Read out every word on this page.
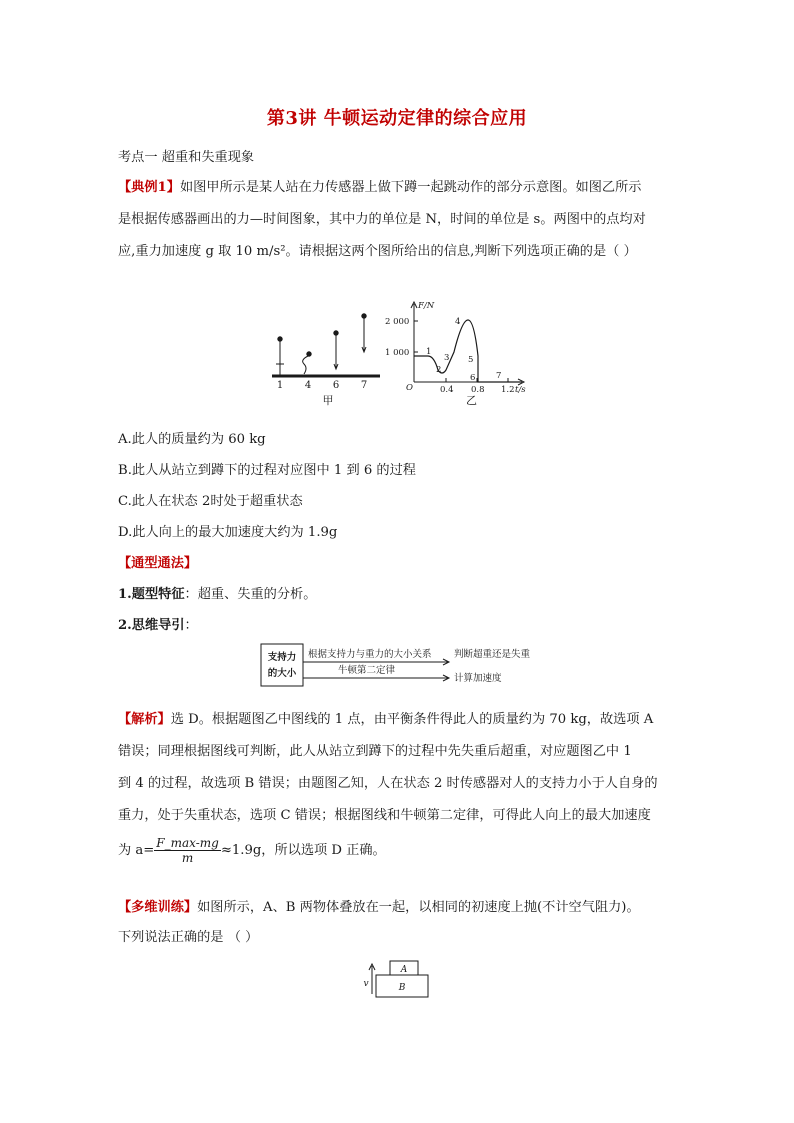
第3讲 牛顿运动定律的综合应用
考点一 超重和失重现象
【典例1】如图甲所示是某人站在力传感器上做下蹲一起跳动作的部分示意图。如图乙所示
是根据传感器画出的力—时间图象，其中力的单位是 N，时间的单位是 s。两图中的点均对
应,重力加速度 g 取 10 m/s²。请根据这两个图所给出的信息,判断下列选项正确的是（ ）
1 4 6 7
甲
F/N
2 000
1 000
O	0.4 0.8 1.2 t/s
1
2
3
4
5
6 7
乙
A.此人的质量约为 60 kg
B.此人从站立到蹲下的过程对应图中 1 到 6 的过程
C.此人在状态 2时处于超重状态
D.此人向上的最大加速度大约为 1.9g
【通型通法】
1.题型特征：超重、失重的分析。
2.思维导引：
支持力
的大小
根据支持力与重力的大小关系 判断超重还是失重
牛顿第二定律
计算加速度
【解析】选 D。根据题图乙中图线的 1 点，由平衡条件得此人的质量约为 70 kg，故选项 A
错误；同理根据图线可判断，此人从站立到蹲下的过程中先失重后超重，对应题图乙中 1
到 4 的过程，故选项 B 错误；由题图乙知，人在状态 2 时传感器对人的支持力小于人自身的
重力，处于失重状态，选项 C 错误；根据图线和牛顿第二定律，可得此人向上的最大加速度
为 $a= \frac{F\_\max-mg}{m} \approx 1.9g$，所以选项 D 正确。
【多维训练】如图所示，A、B 两物体叠放在一起，以相同的初速度上抛(不计空气阻力)。
下列说法正确的是 （ ）
A
B
v
